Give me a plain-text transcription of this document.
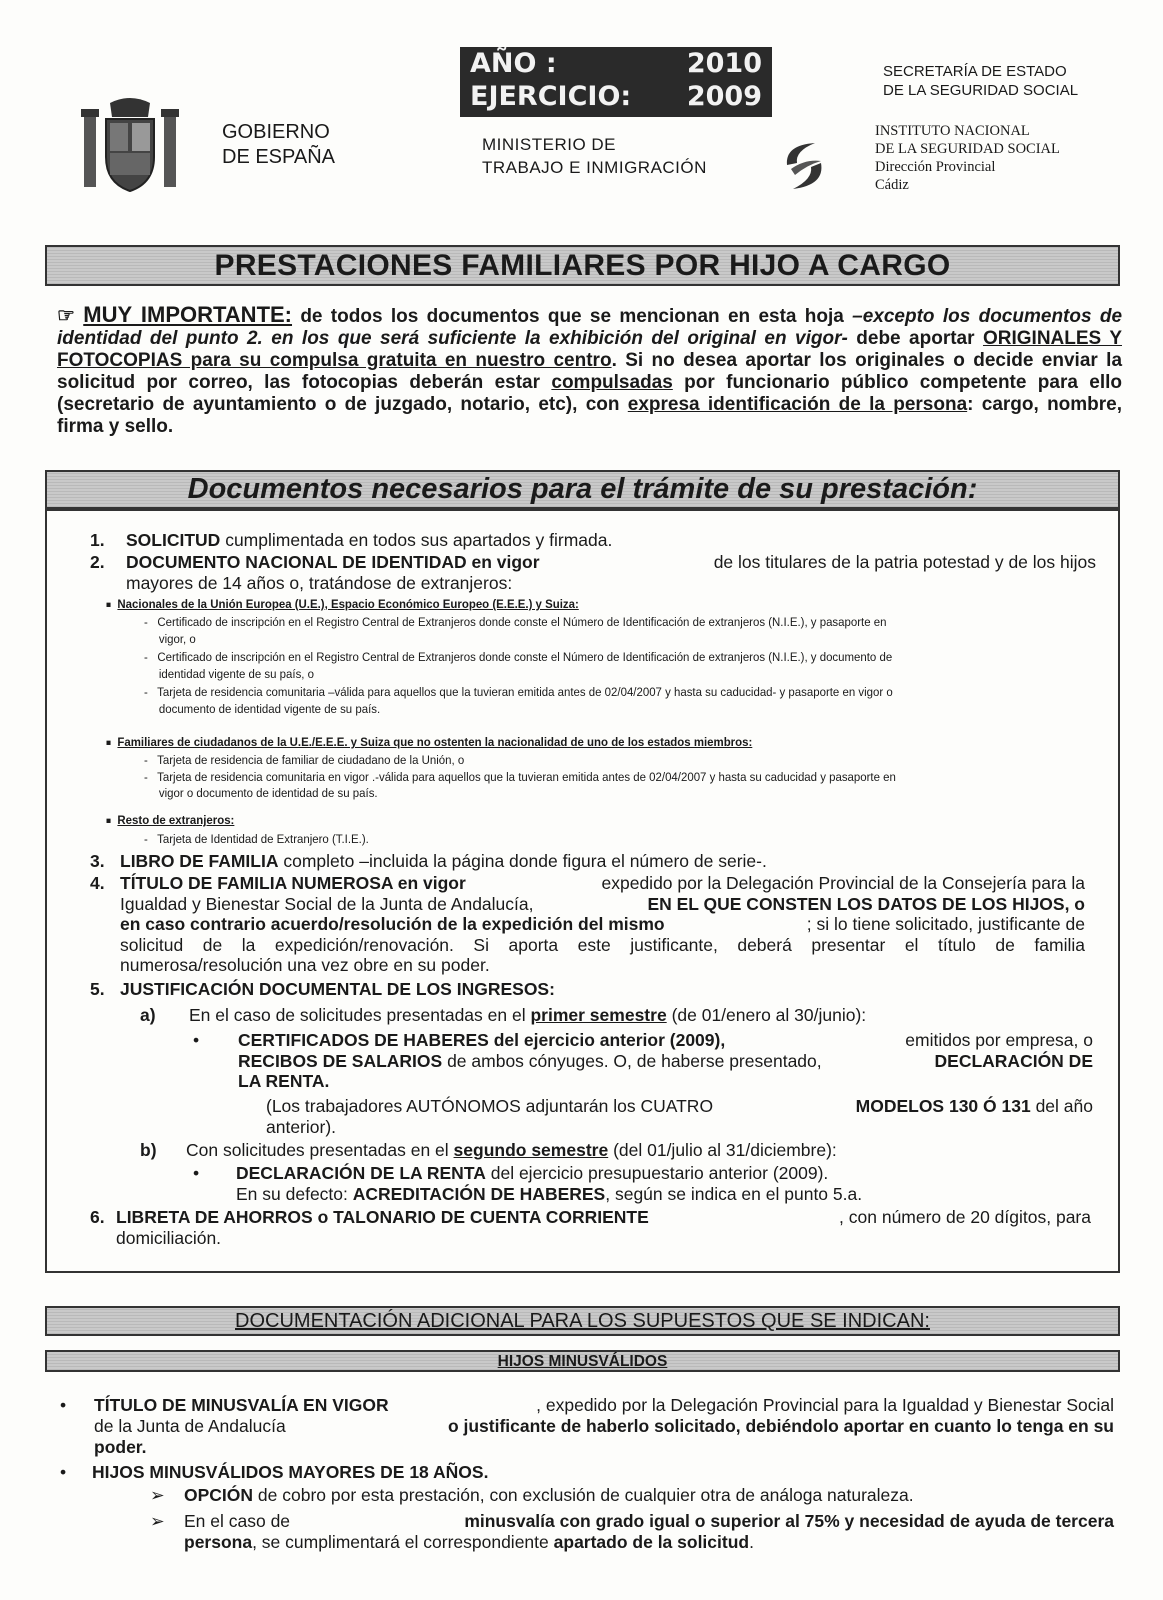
GOBIERNO
DE ESPAÑA
AÑO :	2010
EJERCICIO: 2009
MINISTERIO DE
TRABAJO E INMIGRACIÓN
SECRETARÍA DE ESTADO
DE LA SEGURIDAD SOCIAL
INSTITUTO NACIONAL
DE LA SEGURIDAD SOCIAL
Dirección Provincial
Cádiz
PRESTACIONES FAMILIARES POR HIJO A CARGO
☞ MUY IMPORTANTE: de todos los documentos que se mencionan en esta hoja –excepto los documentos de identidad del punto 2. en los que será suficiente la exhibición del original en vigor- debe aportar ORIGINALES Y FOTOCOPIAS para su compulsa gratuita en nuestro centro. Si no desea aportar los originales o decide enviar la solicitud por correo, las fotocopias deberán estar compulsadas por funcionario público competente para ello (secretario de ayuntamiento o de juzgado, notario, etc), con expresa identificación de la persona: cargo, nombre, firma y sello.
Documentos necesarios para el trámite de su prestación:
1. SOLICITUD cumplimentada en todos sus apartados y firmada.
2. DOCUMENTO NACIONAL DE IDENTIDAD en vigor	de los titulares de la patria potestad y de los hijos
mayores de 14 años o, tratándose de extranjeros:
■ Nacionales de la Unión Europea (U.E.), Espacio Económico Europeo (E.E.E.) y Suiza:
-   Certificado de inscripción en el Registro Central de Extranjeros donde conste el Número de Identificación de extranjeros (N.I.E.), y pasaporte en
vigor, o
-   Certificado de inscripción en el Registro Central de Extranjeros donde conste el Número de Identificación de extranjeros (N.I.E.), y documento de
identidad vigente de su país, o
-   Tarjeta de residencia comunitaria –válida para aquellos que la tuvieran emitida antes de 02/04/2007 y hasta su caducidad- y pasaporte en vigor o
documento de identidad vigente de su país.
■ Familiares de ciudadanos de la U.E./E.E.E. y Suiza que no ostenten la nacionalidad de uno de los estados miembros:
-   Tarjeta de residencia de familiar de ciudadano de la Unión, o
-   Tarjeta de residencia comunitaria en vigor .-válida para aquellos que la tuvieran emitida antes de 02/04/2007 y hasta su caducidad y pasaporte en
vigor o documento de identidad de su país.
■ Resto de extranjeros:
-   Tarjeta de Identidad de Extranjero (T.I.E.).
3. LIBRO DE FAMILIA completo –incluida la página donde figura el número de serie-.
4. TÍTULO DE FAMILIA NUMEROSA en vigor	expedido por la Delegación Provincial de la Consejería para la
Igualdad y Bienestar Social de la Junta de Andalucía,	EN EL QUE CONSTEN LOS DATOS DE LOS HIJOS, o
en caso contrario acuerdo/resolución de la expedición del mismo	; si lo tiene solicitado, justificante de
solicitud de la expedición/renovación. Si aporta este justificante, deberá presentar el título de familia
numerosa/resolución una vez obre en su poder.
5. JUSTIFICACIÓN DOCUMENTAL DE LOS INGRESOS:
a) En el caso de solicitudes presentadas en el primer semestre (de 01/enero al 30/junio):
• CERTIFICADOS DE HABERES del ejercicio anterior (2009),	emitidos por empresa, o
RECIBOS DE SALARIOS de ambos cónyuges. O, de haberse presentado,	DECLARACIÓN DE
LA RENTA.
(Los trabajadores AUTÓNOMOS adjuntarán los CUATRO	MODELOS 130 Ó 131 del año
anterior).
b) Con solicitudes presentadas en el segundo semestre (del 01/julio al 31/diciembre):
• DECLARACIÓN DE LA RENTA del ejercicio presupuestario anterior (2009).
En su defecto: ACREDITACIÓN DE HABERES, según se indica en el punto 5.a.
6. LIBRETA DE AHORROS o TALONARIO DE CUENTA CORRIENTE	, con número de 20 dígitos, para
domiciliación.
DOCUMENTACIÓN ADICIONAL PARA LOS SUPUESTOS QUE SE INDICAN:
HIJOS MINUSVÁLIDOS
• TÍTULO DE MINUSVALÍA EN VIGOR	, expedido por la Delegación Provincial para la Igualdad y Bienestar Social
de la Junta de Andalucía	o justificante de haberlo solicitado, debiéndolo aportar en cuanto lo tenga en su
poder.
• HIJOS MINUSVÁLIDOS MAYORES DE 18 AÑOS.
➢ OPCIÓN de cobro por esta prestación, con exclusión de cualquier otra de análoga naturaleza.
➢ En el caso de	minusvalía con grado igual o superior al 75% y necesidad de ayuda de tercera
persona, se cumplimentará el correspondiente apartado de la solicitud.
